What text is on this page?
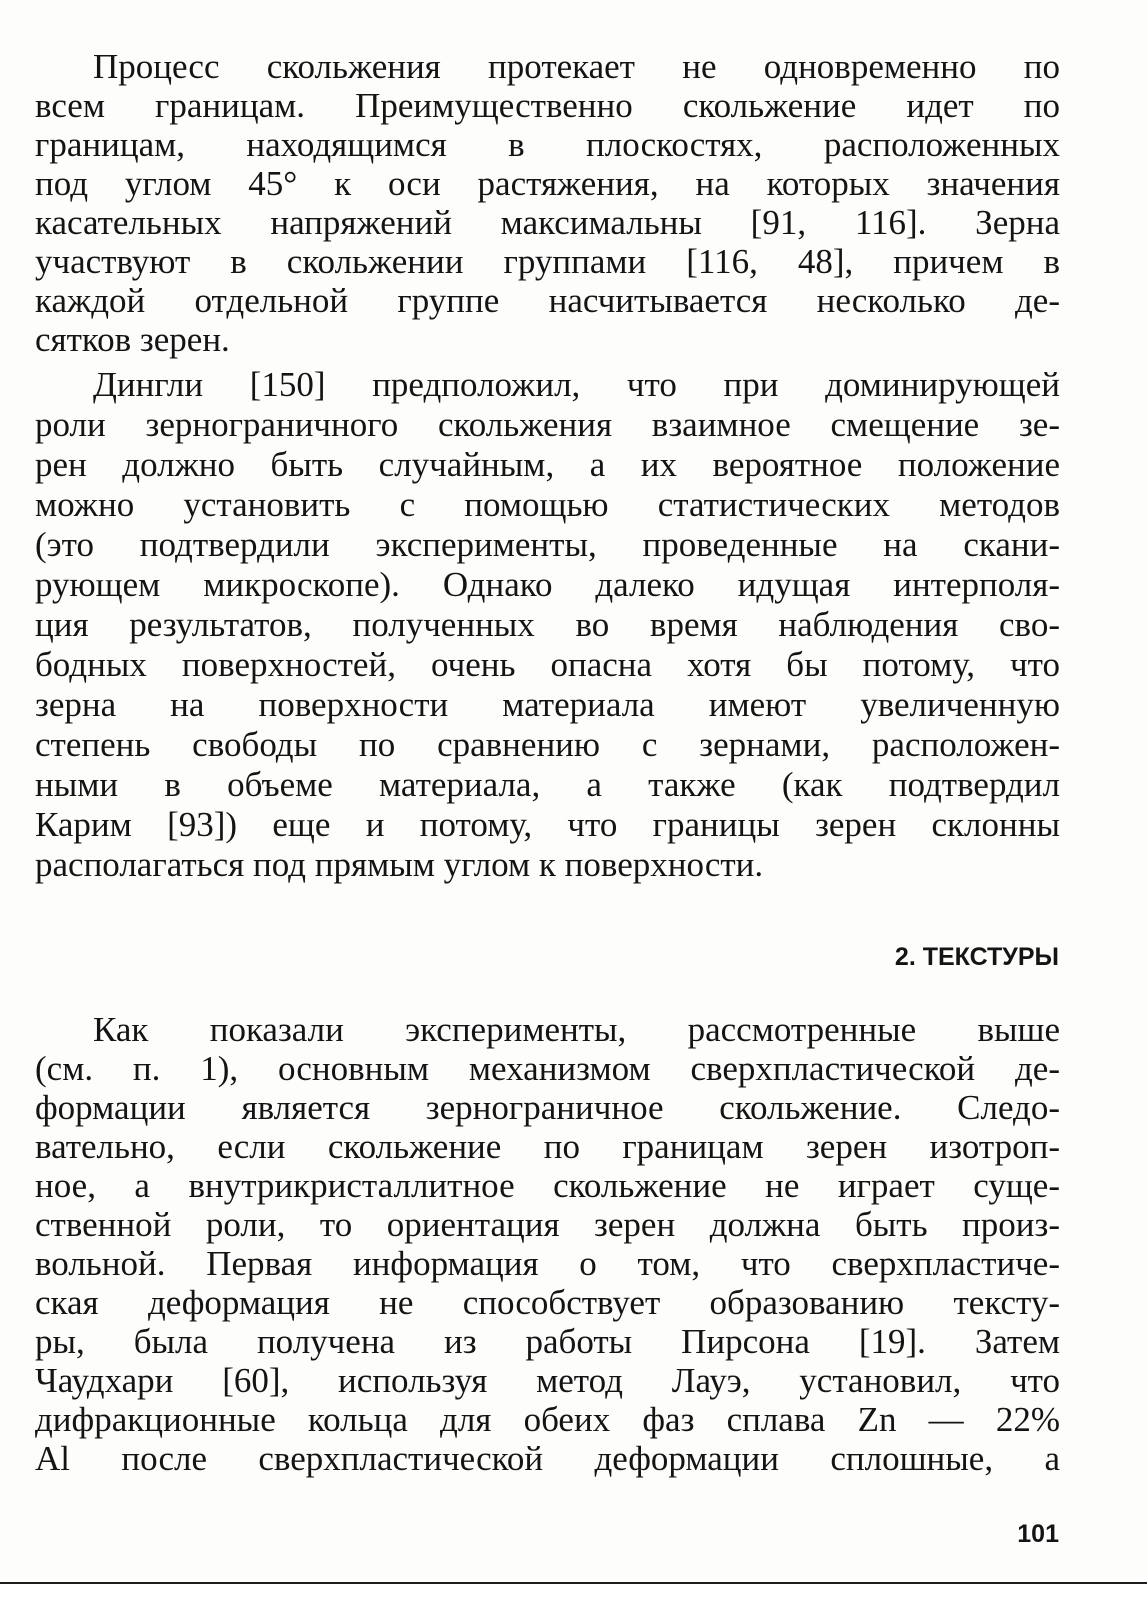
Процесс скольжения протекает не одновременно по
всем границам. Преимущественно скольжение идет по
границам, находящимся в плоскостях, расположенных
под углом 45° к оси растяжения, на которых значения
касательных напряжений максимальны [91, 116]. Зерна
участвуют в скольжении группами [116, 48], причем в
каждой отдельной группе насчитывается несколько де-
сятков зерен.
Дингли [150] предположил, что при доминирующей
роли зернограничного скольжения взаимное смещение зе-
рен должно быть случайным, а их вероятное положение
можно установить с помощью статистических методов
(это подтвердили эксперименты, проведенные на скани-
рующем микроскопе). Однако далеко идущая интерполя-
ция результатов, полученных во время наблюдения сво-
бодных поверхностей, очень опасна хотя бы потому, что
зерна на поверхности материала имеют увеличенную
степень свободы по сравнению с зернами, расположен-
ными в объеме материала, а также (как подтвердил
Карим [93]) еще и потому, что границы зерен склонны
располагаться под прямым углом к поверхности.
2. ТЕКСТУРЫ
Как показали эксперименты, рассмотренные выше
(см. п. 1), основным механизмом сверхпластической де-
формации является зернограничное скольжение. Следо-
вательно, если скольжение по границам зерен изотроп-
ное, а внутрикристаллитное скольжение не играет суще-
ственной роли, то ориентация зерен должна быть произ-
вольной. Первая информация о том, что сверхпластиче-
ская деформация не способствует образованию тексту-
ры, была получена из работы Пирсона [19]. Затем
Чаудхари [60], используя метод Лауэ, установил, что
дифракционные кольца для обеих фаз сплава Zn — 22%
Al после сверхпластической деформации сплошные, а
101
